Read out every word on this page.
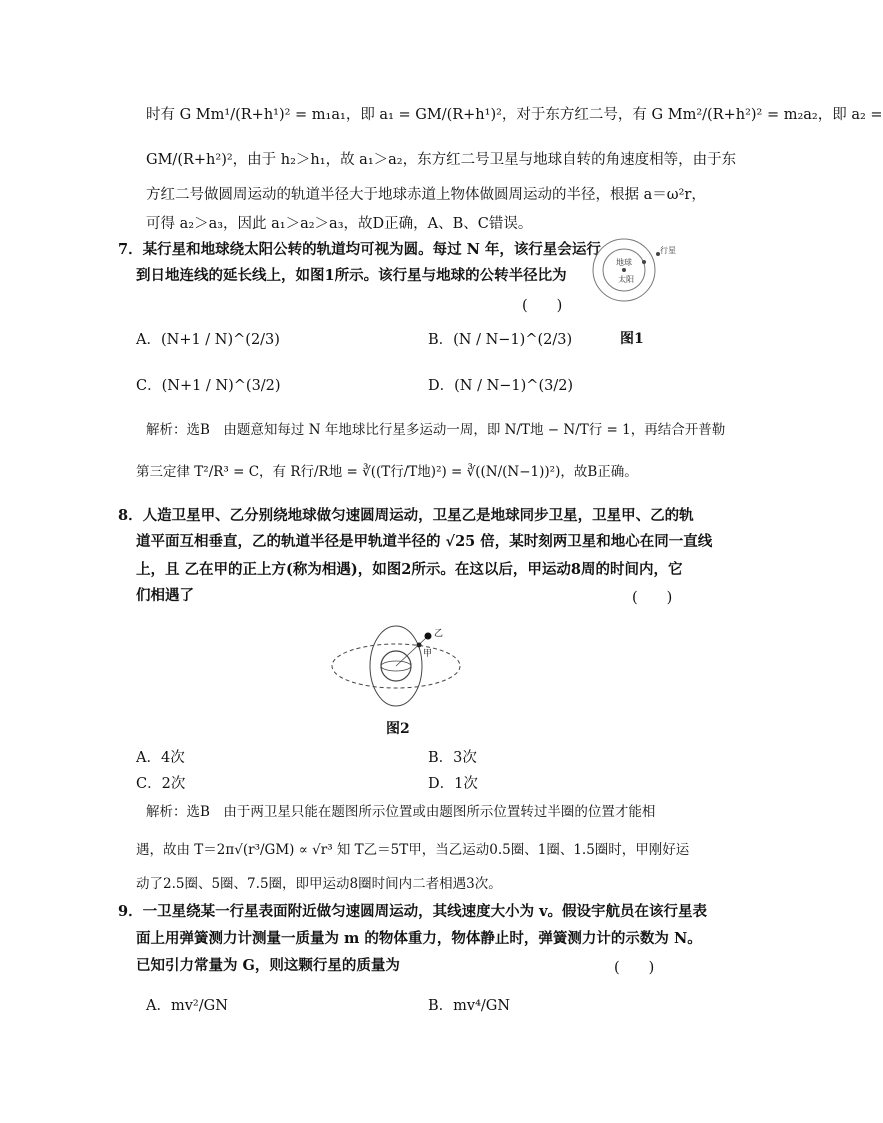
时有 G Mm¹/(R+h¹)² = m₁a₁，即 a₁ = GM/(R+h¹)²，对于东方红二号，有 G Mm²/(R+h²)² = m₂a₂，即 a₂ =
GM/(R+h²)²，由于 h₂＞h₁，故 a₁＞a₂，东方红二号卫星与地球自转的角速度相等，由于东
方红二号做圆周运动的轨道半径大于地球赤道上物体做圆周运动的半径，根据 a＝ω²r，
可得 a₂＞a₃，因此 a₁＞a₂＞a₃，故D正确，A、B、C错误。
7．某行星和地球绕太阳公转的轨道均可视为圆。每过 N 年，该行星会运行
到日地连线的延长线上，如图1所示。该行星与地球的公转半径比为
(　　)
地球
太阳
行星
图1
A．(N+1 / N)^(2/3)	B．(N / N−1)^(2/3)
C．(N+1 / N)^(3/2)	D．(N / N−1)^(3/2)
解析：选B　由题意知每过 N 年地球比行星多运动一周，即 N/T地 − N/T行 = 1，再结合开普勒
第三定律 T²/R³ = C，有 R行/R地 = ∛((T行/T地)²) = ∛((N/(N−1))²)，故B正确。
8．人造卫星甲、乙分别绕地球做匀速圆周运动，卫星乙是地球同步卫星，卫星甲、乙的轨
道平面互相垂直，乙的轨道半径是甲轨道半径的 √25 倍，某时刻两卫星和地心在同一直线
上，且 乙在甲的正上方(称为相遇)，如图2所示。在这以后，甲运动8周的时间内，它
们相遇了	(　　)
乙
甲
图2
A．4次	B．3次
C．2次	D．1次
解析：选B　由于两卫星只能在题图所示位置或由题图所示位置转过半圈的位置才能相
遇，故由 T＝2π√(r³/GM) ∝ √r³ 知 T乙＝5T甲，当乙运动0.5圈、1圈、1.5圈时，甲刚好运
动了2.5圈、5圈、7.5圈，即甲运动8圈时间内二者相遇3次。
9．一卫星绕某一行星表面附近做匀速圆周运动，其线速度大小为 v。假设宇航员在该行星表
面上用弹簧测力计测量一质量为 m 的物体重力，物体静止时，弹簧测力计的示数为 N。
已知引力常量为 G，则这颗行星的质量为	(　　)
A．mv²/GN	B．mv⁴/GN
